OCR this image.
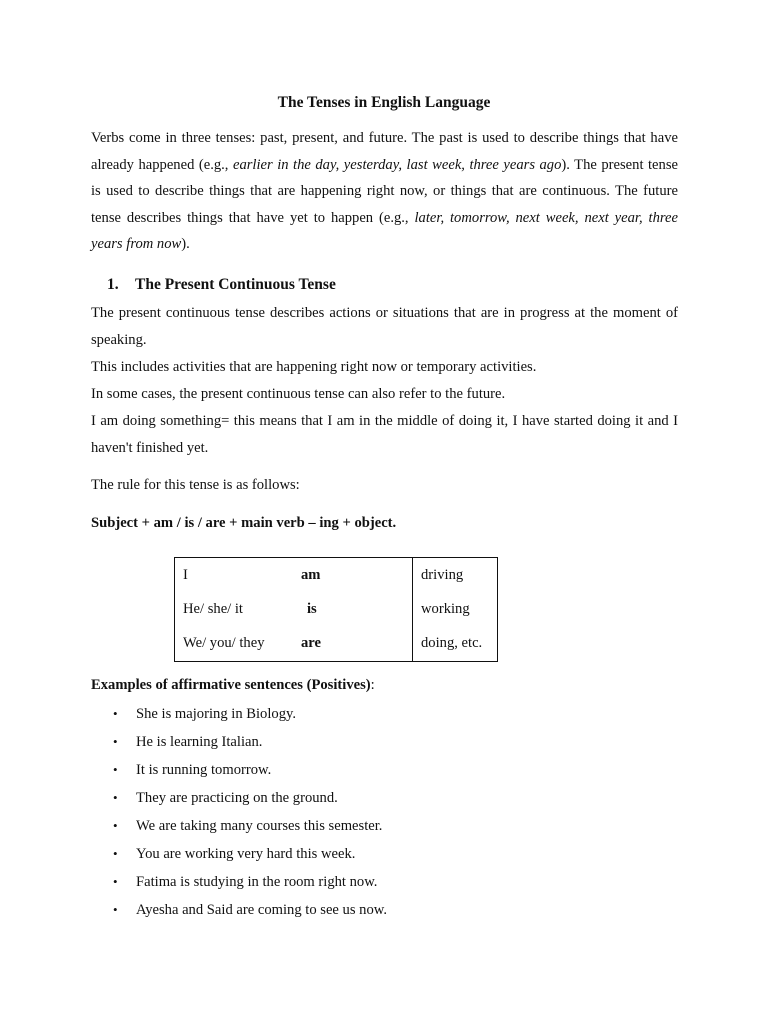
The Tenses in English Language

Verbs come in three tenses: past, present, and future. The past is used to describe things that have already happened (e.g., earlier in the day, yesterday, last week, three years ago). The present tense is used to describe things that are happening right now, or things that are continuous. The future tense describes things that have yet to happen (e.g., later, tomorrow, next week, next year, three years from now).

1. The Present Continuous Tense
The present continuous tense describes actions or situations that are in progress at the moment of speaking.
This includes activities that are happening right now or temporary activities.
In some cases, the present continuous tense can also refer to the future.
I am doing something= this means that I am in the middle of doing it, I have started doing it and I haven't finished yet.
The rule for this tense is as follows:
Subject + am / is / are + main verb – ing + object.
I	am	driving
He/ she/ it	is	working
We/ you/ they	are	doing, etc.
Examples of affirmative sentences (Positives):
• She is majoring in Biology.
• He is learning Italian.
• It is running tomorrow.
• They are practicing on the ground.
• We are taking many courses this semester.
• You are working very hard this week.
• Fatima is studying in the room right now.
• Ayesha and Said are coming to see us now.
